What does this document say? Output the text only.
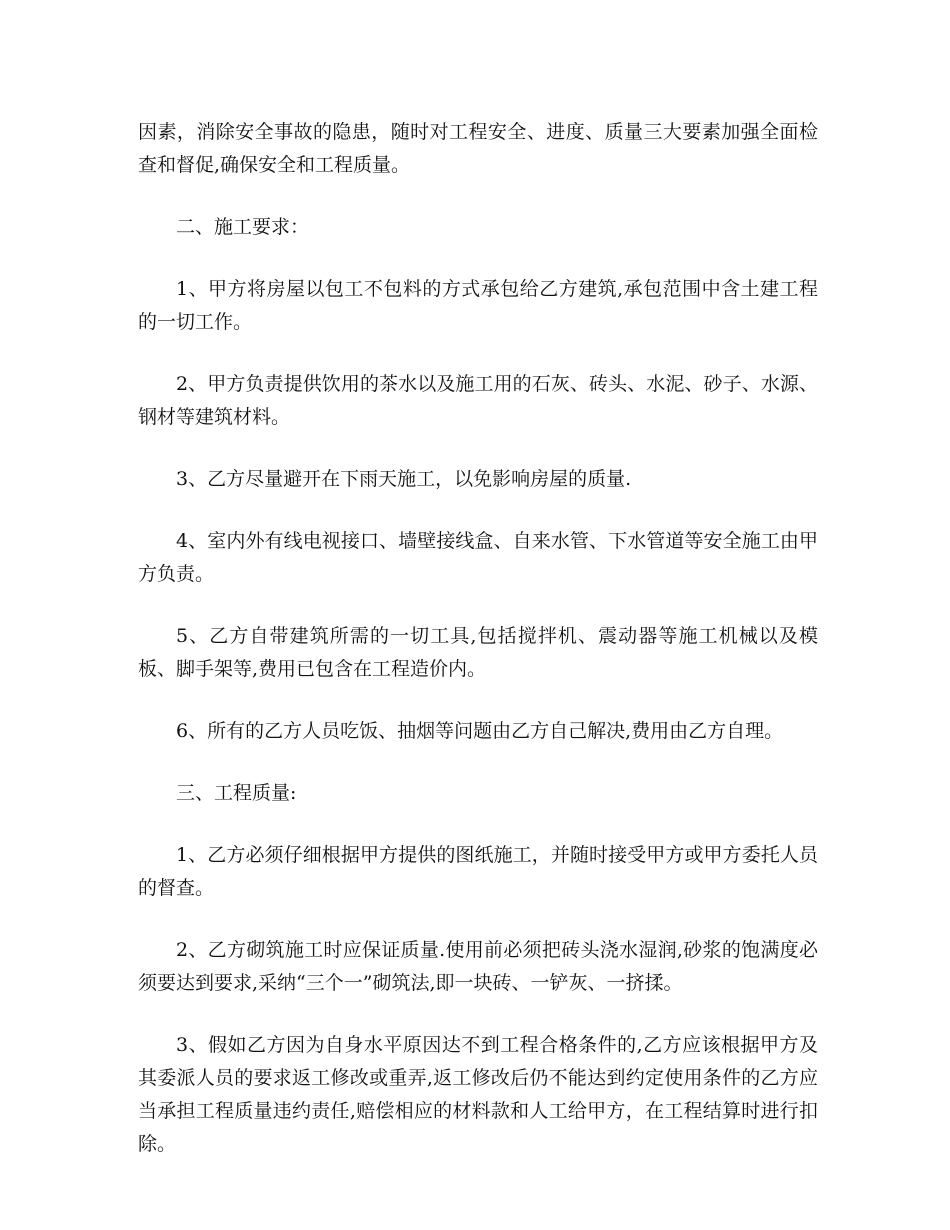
因素，消除安全事故的隐患，随时对工程安全、进度、质量三大要素加强全面检查和督促,确保安全和工程质量。

二、施工要求：

1、甲方将房屋以包工不包料的方式承包给乙方建筑,承包范围中含土建工程的一切工作。

2、甲方负责提供饮用的茶水以及施工用的石灰、砖头、水泥、砂子、水源、钢材等建筑材料。

3、乙方尽量避开在下雨天施工，以免影响房屋的质量.

4、室内外有线电视接口、墙壁接线盒、自来水管、下水管道等安全施工由甲方负责。

5、乙方自带建筑所需的一切工具,包括搅拌机、震动器等施工机械以及模板、脚手架等,费用已包含在工程造价内。

6、所有的乙方人员吃饭、抽烟等问题由乙方自己解决,费用由乙方自理。

三、工程质量:

1、乙方必须仔细根据甲方提供的图纸施工，并随时接受甲方或甲方委托人员的督查。

2、乙方砌筑施工时应保证质量.使用前必须把砖头浇水湿润,砂浆的饱满度必须要达到要求,采纳“三个一”砌筑法,即一块砖、一铲灰、一挤揉。

3、假如乙方因为自身水平原因达不到工程合格条件的,乙方应该根据甲方及其委派人员的要求返工修改或重弄,返工修改后仍不能达到约定使用条件的乙方应当承担工程质量违约责任,赔偿相应的材料款和人工给甲方，在工程结算时进行扣除。
